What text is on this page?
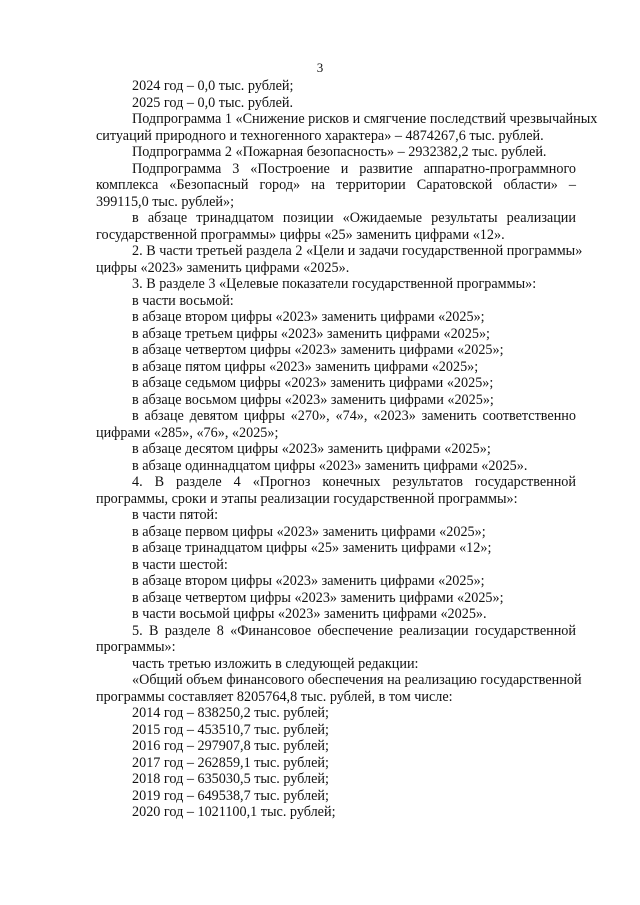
3
2024 год – 0,0 тыс. рублей;
2025 год – 0,0 тыс. рублей.
Подпрограмма 1 «Снижение рисков и смягчение последствий чрезвычайных
ситуаций природного и техногенного характера» – 4874267,6 тыс. рублей.
Подпрограмма 2 «Пожарная безопасность» – 2932382,2 тыс. рублей.
Подпрограмма 3 «Построение и развитие аппаратно-программного
комплекса «Безопасный город» на территории Саратовской области» –
399115,0 тыс. рублей»;
в абзаце тринадцатом позиции «Ожидаемые результаты реализации
государственной программы» цифры «25» заменить цифрами «12».
2. В части третьей раздела 2 «Цели и задачи государственной программы»
цифры «2023» заменить цифрами «2025».
3. В разделе 3 «Целевые показатели государственной программы»:
в части восьмой:
в абзаце втором цифры «2023» заменить цифрами «2025»;
в абзаце третьем цифры «2023» заменить цифрами «2025»;
в абзаце четвертом цифры «2023» заменить цифрами «2025»;
в абзаце пятом цифры «2023» заменить цифрами «2025»;
в абзаце седьмом цифры «2023» заменить цифрами «2025»;
в абзаце восьмом цифры «2023» заменить цифрами «2025»;
в абзаце девятом цифры «270», «74», «2023» заменить соответственно
цифрами «285», «76», «2025»;
в абзаце десятом цифры «2023» заменить цифрами «2025»;
в абзаце одиннадцатом цифры «2023» заменить цифрами «2025».
4. В разделе 4 «Прогноз конечных результатов государственной
программы, сроки и этапы реализации государственной программы»:
в части пятой:
в абзаце первом цифры «2023» заменить цифрами «2025»;
в абзаце тринадцатом цифры «25» заменить цифрами «12»;
в части шестой:
в абзаце втором цифры «2023» заменить цифрами «2025»;
в абзаце четвертом цифры «2023» заменить цифрами «2025»;
в части восьмой цифры «2023» заменить цифрами «2025».
5. В разделе 8 «Финансовое обеспечение реализации государственной
программы»:
часть третью изложить в следующей редакции:
«Общий объем финансового обеспечения на реализацию государственной
программы составляет 8205764,8 тыс. рублей, в том числе:
2014 год – 838250,2 тыс. рублей;
2015 год – 453510,7 тыс. рублей;
2016 год – 297907,8 тыс. рублей;
2017 год – 262859,1 тыс. рублей;
2018 год – 635030,5 тыс. рублей;
2019 год – 649538,7 тыс. рублей;
2020 год – 1021100,1 тыс. рублей;
